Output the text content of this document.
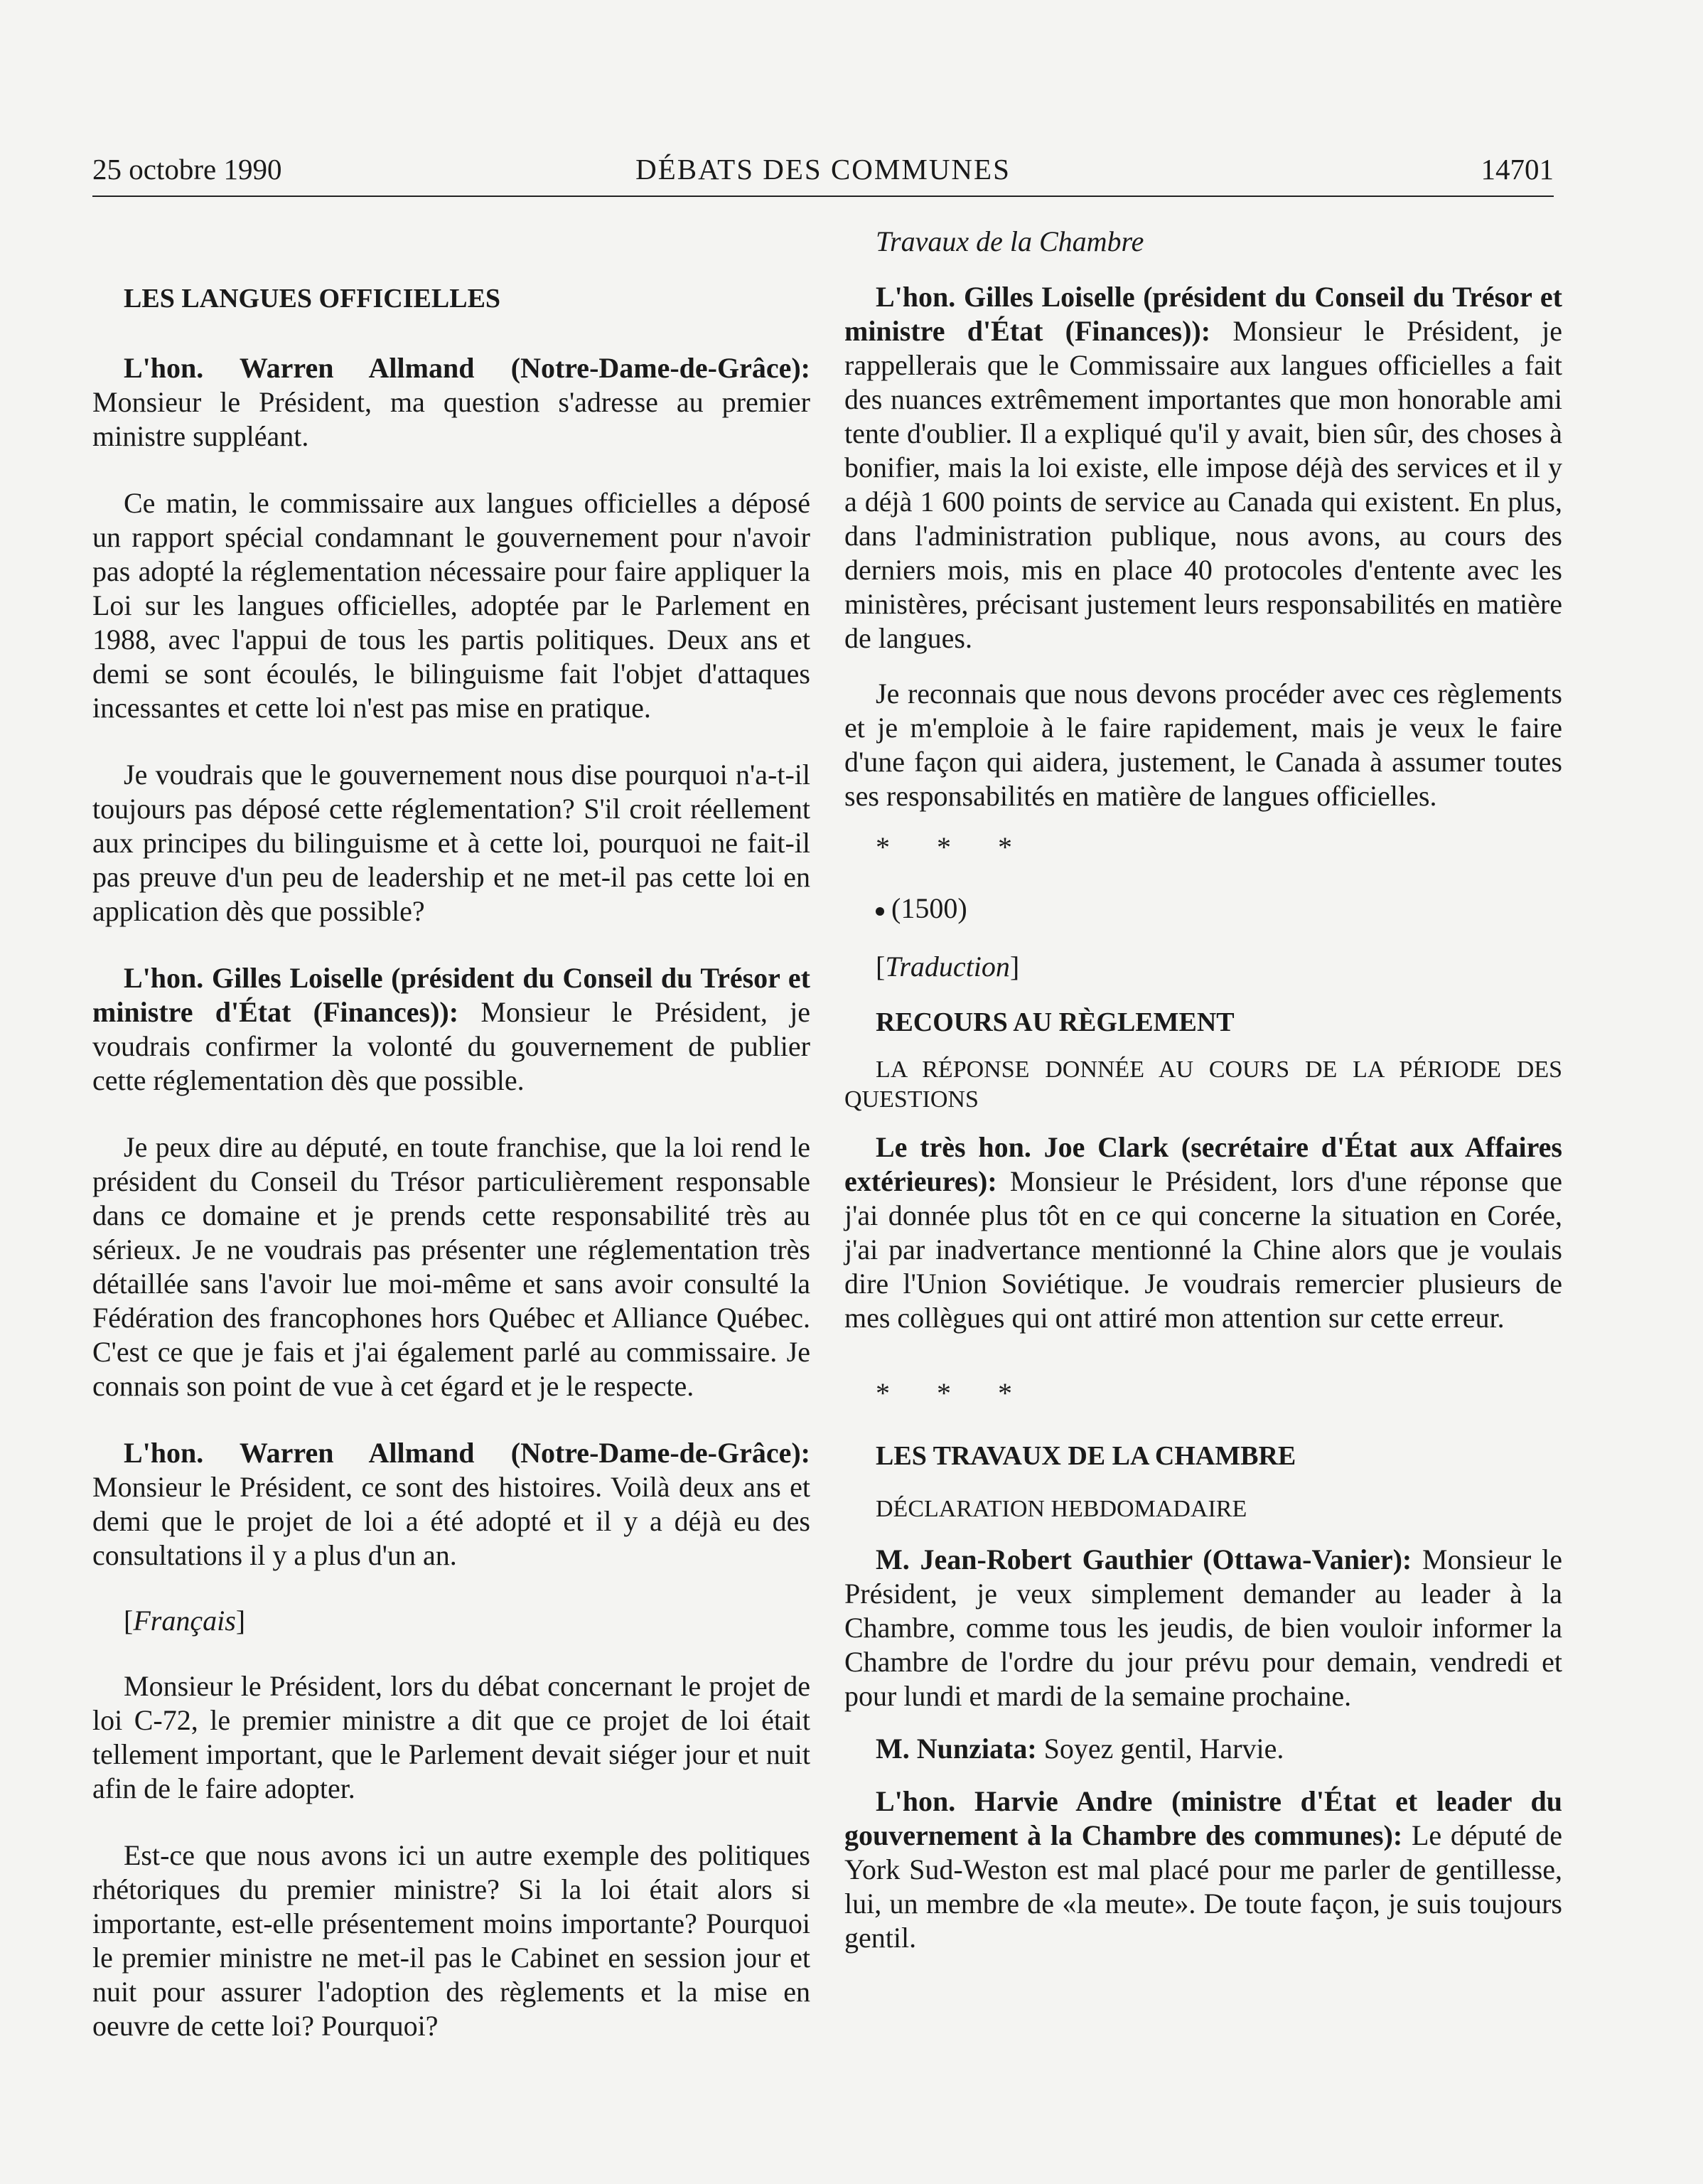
25 octobre 1990	DÉBATS DES COMMUNES	14701

LES LANGUES OFFICIELLES

L'hon. Warren Allmand (Notre-Dame-de-Grâce): Monsieur le Président, ma question s'adresse au premier ministre suppléant.

Ce matin, le commissaire aux langues officielles a déposé un rapport spécial condamnant le gouvernement pour n'avoir pas adopté la réglementation nécessaire pour faire appliquer la Loi sur les langues officielles, adoptée par le Parlement en 1988, avec l'appui de tous les partis politiques. Deux ans et demi se sont écoulés, le bilinguisme fait l'objet d'attaques incessantes et cette loi n'est pas mise en pratique.

Je voudrais que le gouvernement nous dise pourquoi n'a-t-il toujours pas déposé cette réglementation? S'il croit réellement aux principes du bilinguisme et à cette loi, pourquoi ne fait-il pas preuve d'un peu de leadership et ne met-il pas cette loi en application dès que possible?

L'hon. Gilles Loiselle (président du Conseil du Trésor et ministre d'État (Finances)): Monsieur le Président, je voudrais confirmer la volonté du gouvernement de publier cette réglementation dès que possible.

Je peux dire au député, en toute franchise, que la loi rend le président du Conseil du Trésor particulièrement responsable dans ce domaine et je prends cette responsabilité très au sérieux. Je ne voudrais pas présenter une réglementation très détaillée sans l'avoir lue moi-même et sans avoir consulté la Fédération des francophones hors Québec et Alliance Québec. C'est ce que je fais et j'ai également parlé au commissaire. Je connais son point de vue à cet égard et je le respecte.

L'hon. Warren Allmand (Notre-Dame-de-Grâce): Monsieur le Président, ce sont des histoires. Voilà deux ans et demi que le projet de loi a été adopté et il y a déjà eu des consultations il y a plus d'un an.

[Français]

Monsieur le Président, lors du débat concernant le projet de loi C-72, le premier ministre a dit que ce projet de loi était tellement important, que le Parlement devait siéger jour et nuit afin de le faire adopter.

Est-ce que nous avons ici un autre exemple des politiques rhétoriques du premier ministre? Si la loi était alors si importante, est-elle présentement moins importante? Pourquoi le premier ministre ne met-il pas le Cabinet en session jour et nuit pour assurer l'adoption des règlements et la mise en oeuvre de cette loi? Pourquoi?

Travaux de la Chambre

L'hon. Gilles Loiselle (président du Conseil du Trésor et ministre d'État (Finances)): Monsieur le Président, je rappellerais que le Commissaire aux langues officielles a fait des nuances extrêmement importantes que mon honorable ami tente d'oublier. Il a expliqué qu'il y avait, bien sûr, des choses à bonifier, mais la loi existe, elle impose déjà des services et il y a déjà 1 600 points de service au Canada qui existent. En plus, dans l'administration publique, nous avons, au cours des derniers mois, mis en place 40 protocoles d'entente avec les ministères, précisant justement leurs responsabilités en matière de langues.

Je reconnais que nous devons procéder avec ces règlements et je m'emploie à le faire rapidement, mais je veux le faire d'une façon qui aidera, justement, le Canada à assumer toutes ses responsabilités en matière de langues officielles.

* * *

(1500)

[Traduction]

RECOURS AU RÈGLEMENT

LA RÉPONSE DONNÉE AU COURS DE LA PÉRIODE DES QUESTIONS

Le très hon. Joe Clark (secrétaire d'État aux Affaires extérieures): Monsieur le Président, lors d'une réponse que j'ai donnée plus tôt en ce qui concerne la situation en Corée, j'ai par inadvertance mentionné la Chine alors que je voulais dire l'Union Soviétique. Je voudrais remercier plusieurs de mes collègues qui ont attiré mon attention sur cette erreur.

* * *

LES TRAVAUX DE LA CHAMBRE

DÉCLARATION HEBDOMADAIRE

M. Jean-Robert Gauthier (Ottawa-Vanier): Monsieur le Président, je veux simplement demander au leader à la Chambre, comme tous les jeudis, de bien vouloir informer la Chambre de l'ordre du jour prévu pour demain, vendredi et pour lundi et mardi de la semaine prochaine.

M. Nunziata: Soyez gentil, Harvie.

L'hon. Harvie Andre (ministre d'État et leader du gouvernement à la Chambre des communes): Le député de York Sud-Weston est mal placé pour me parler de gentillesse, lui, un membre de «la meute». De toute façon, je suis toujours gentil.
